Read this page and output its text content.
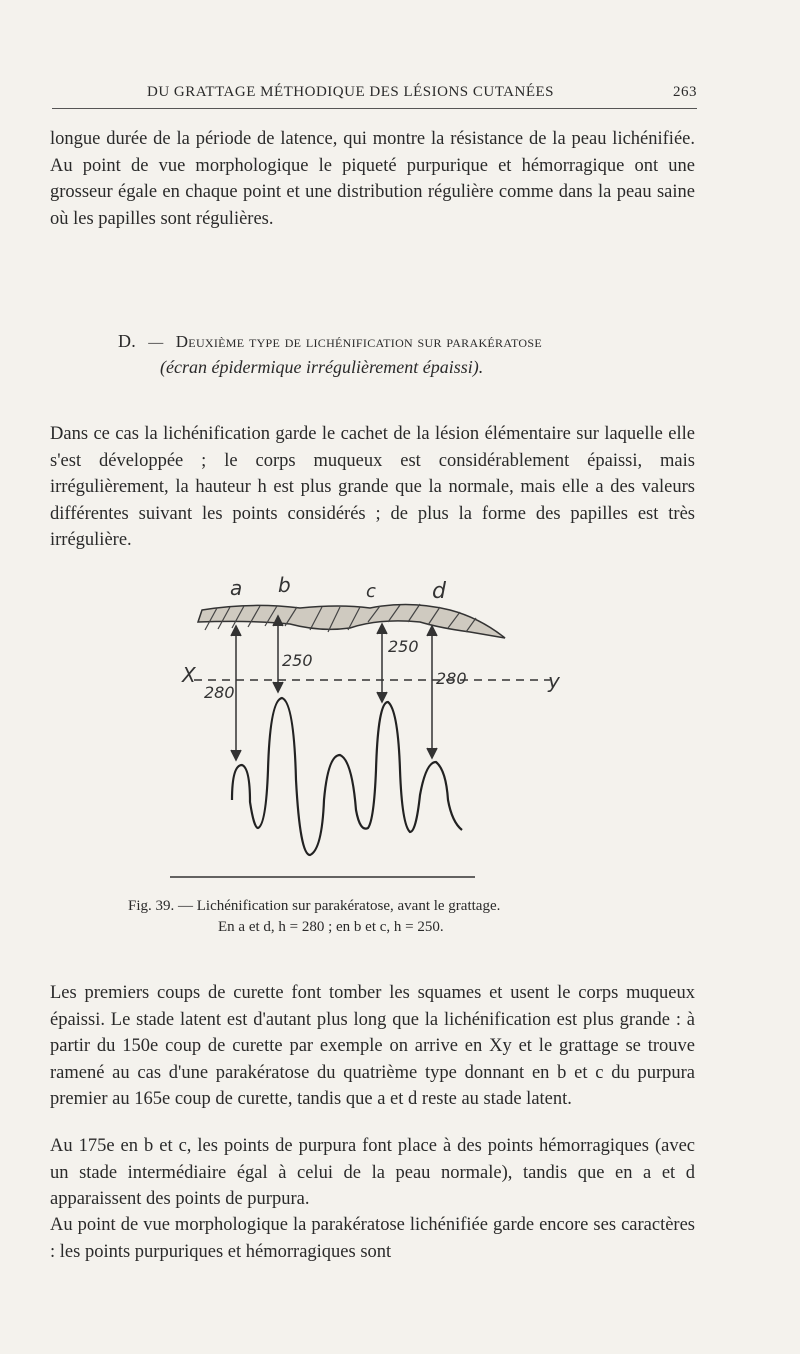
DU GRATTAGE MÉTHODIQUE DES LÉSIONS CUTANÉES	263

longue durée de la période de latence, qui montre la résistance de la peau lichénifiée. Au point de vue morphologique le piqueté purpurique et hémorragique ont une grosseur égale en chaque point et une distribution régulière comme dans la peau saine où les papilles sont régulières.

D. — Deuxième type de lichénification sur parakératose
(écran épidermique irrégulièrement épaissi).

Dans ce cas la lichénification garde le cachet de la lésion élémentaire sur laquelle elle s'est développée ; le corps muqueux est considérablement épaissi, mais irrégulièrement, la hauteur h est plus grande que la normale, mais elle a des valeurs différentes suivant les points considérés ; de plus la forme des papilles est très irrégulière.

a b	c	d
X	y
280
250
250
280
Fig. 39. — Lichénification sur parakératose, avant le grattage.
En a et d, h = 280 ; en b et c, h = 250.

Les premiers coups de curette font tomber les squames et usent le corps muqueux épaissi. Le stade latent est d'autant plus long que la lichénification est plus grande : à partir du 150e coup de curette par exemple on arrive en Xy et le grattage se trouve ramené au cas d'une parakératose du quatrième type donnant en b et c du purpura premier au 165e coup de curette, tandis que a et d reste au stade latent.

Au 175e en b et c, les points de purpura font place à des points hémorragiques (avec un stade intermédiaire égal à celui de la peau normale), tandis que en a et d apparaissent des points de purpura.

Au point de vue morphologique la parakératose lichénifiée garde encore ses caractères : les points purpuriques et hémorragiques sont
